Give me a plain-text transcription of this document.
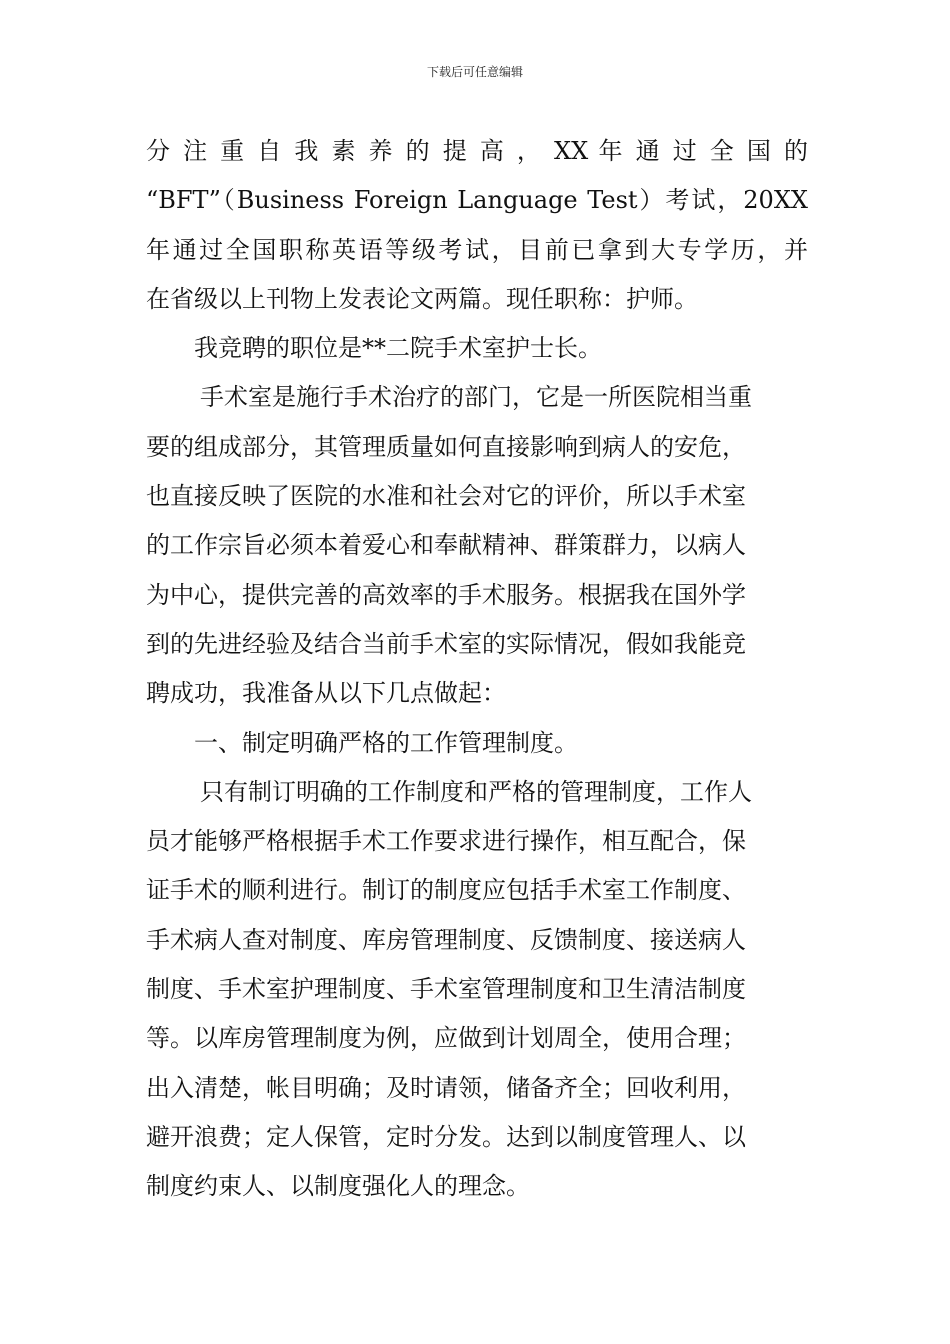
下载后可任意编辑
分 注 重 自 我 素 养 的 提 高 ， XX 年 通 过 全 国 的
“BFT”（Business Foreign Language Test）考试，20XX
年通过全国职称英语等级考试，目前已拿到大专学历，并
在省级以上刊物上发表论文两篇。现任职称：护师。
我竞聘的职位是**二院手术室护士长。
手术室是施行手术治疗的部门，它是一所医院相当重
要的组成部分，其管理质量如何直接影响到病人的安危，
也直接反映了医院的水准和社会对它的评价，所以手术室
的工作宗旨必须本着爱心和奉献精神、群策群力，以病人
为中心，提供完善的高效率的手术服务。根据我在国外学
到的先进经验及结合当前手术室的实际情况，假如我能竞
聘成功，我准备从以下几点做起：
一、制定明确严格的工作管理制度。
只有制订明确的工作制度和严格的管理制度，工作人
员才能够严格根据手术工作要求进行操作，相互配合，保
证手术的顺利进行。制订的制度应包括手术室工作制度、
手术病人查对制度、库房管理制度、反馈制度、接送病人
制度、手术室护理制度、手术室管理制度和卫生清洁制度
等。以库房管理制度为例，应做到计划周全，使用合理；
出入清楚，帐目明确；及时请领，储备齐全；回收利用，
避开浪费；定人保管，定时分发。达到以制度管理人、以
制度约束人、以制度强化人的理念。
